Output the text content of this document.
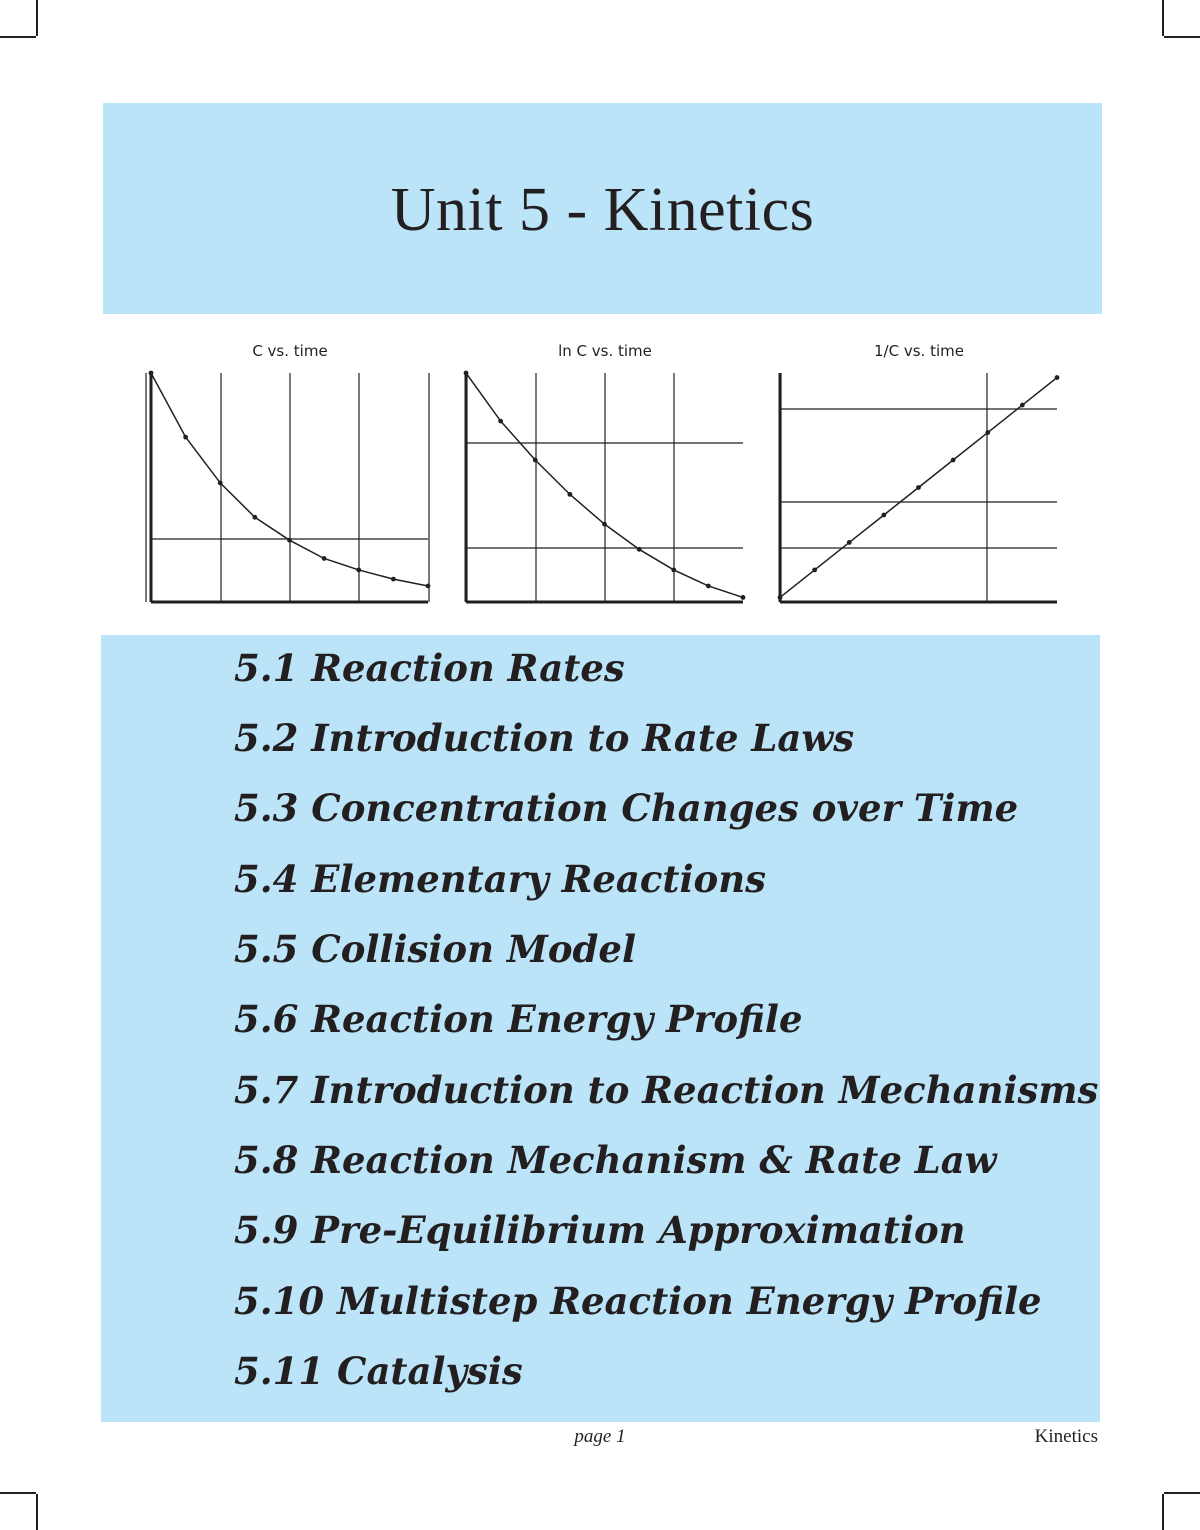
Unit 5 - Kinetics
C vs. time	ln C vs. time	1/C vs. time

5.1 Reaction Rates

5.2 Introduction to Rate Laws

5.3 Concentration Changes over Time

5.4 Elementary Reactions

5.5 Collision Model

5.6 Reaction Energy Profile

5.7 Introduction to Reaction Mechanisms

5.8 Reaction Mechanism & Rate Law

5.9 Pre-Equilibrium Approximation

5.10 Multistep Reaction Energy Profile

5.11 Catalysis

page 1	Kinetics
